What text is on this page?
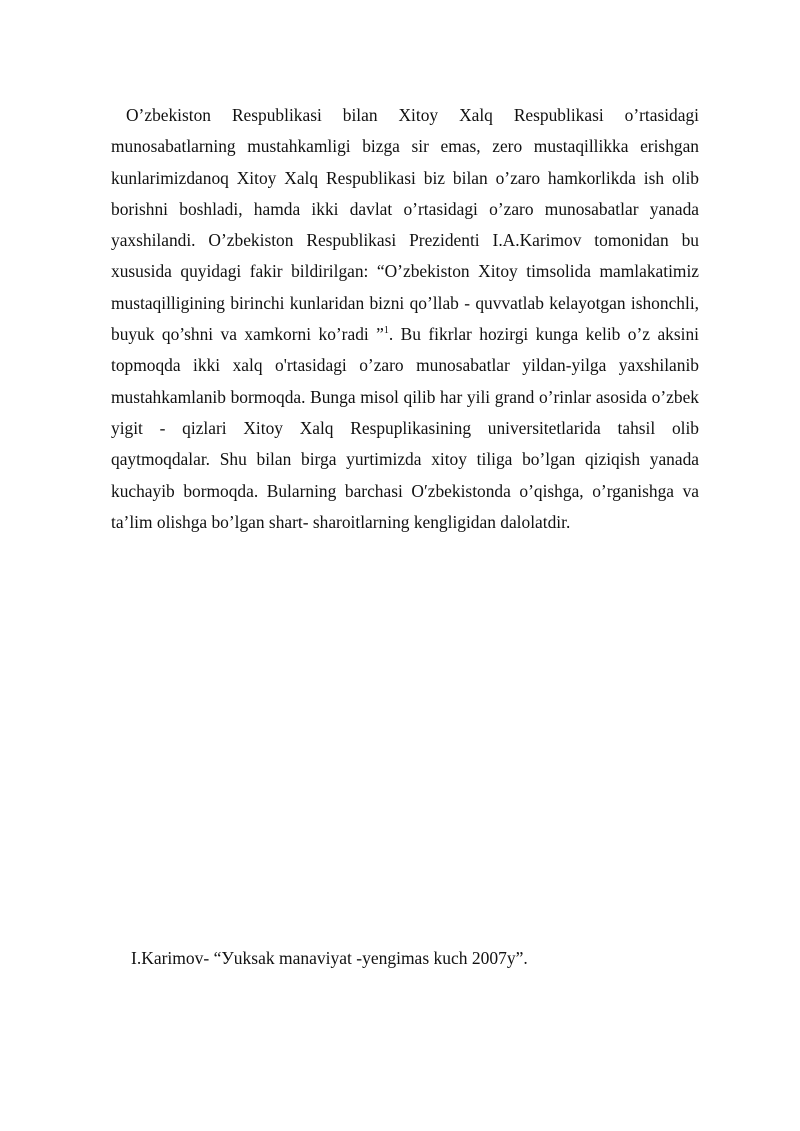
O’zbekiston Respublikasi bilan Xitoy Xalq Respublikasi o’rtasidagi munosabatlarning mustahkamligi bizga sir emas, zero mustaqillikka erishgan kunlarimizdanoq Xitoy Xalq Respublikasi biz bilan o’zaro hamkorlikda ish olib borishni boshladi, hamda ikki davlat o’rtasidagi o’zaro munosabatlar yanada yaxshilandi. O’zbekiston Respublikasi Prezidenti I.A.Karimov tomonidan bu xususida quyidagi fakir bildirilgan: “O’zbekiston Xitoy timsolida mamlakatimiz mustaqilligining birinchi kunlaridan bizni qo’llab - quvvatlab kelayotgan ishonchli, buyuk qo’shni va xamkorni ko’radi ”$^1$. Bu fikrlar hozirgi kunga kelib o’z aksini topmoqda ikki xalq o'rtasidagi o’zaro munosabatlar yildan-yilga yaxshilanib mustahkamlanib bormoqda. Bunga misol qilib har yili grand o’rinlar asosida o’zbek yigit - qizlari Xitoy Xalq Respuplikasining universitetlarida tahsil olib qaytmoqdalar. Shu bilan birga yurtimizda xitoy tiliga bo’lgan qiziqish yanada kuchayib bormoqda. Bularning barchasi O′zbekistonda o’qishga, o’rganishga va ta’lim olishga bo’lgan shart- sharoitlarning kengligidan dalolatdir.

I.Karimov- “Уuksak manaviyat -yengimas kuch 2007у”.
